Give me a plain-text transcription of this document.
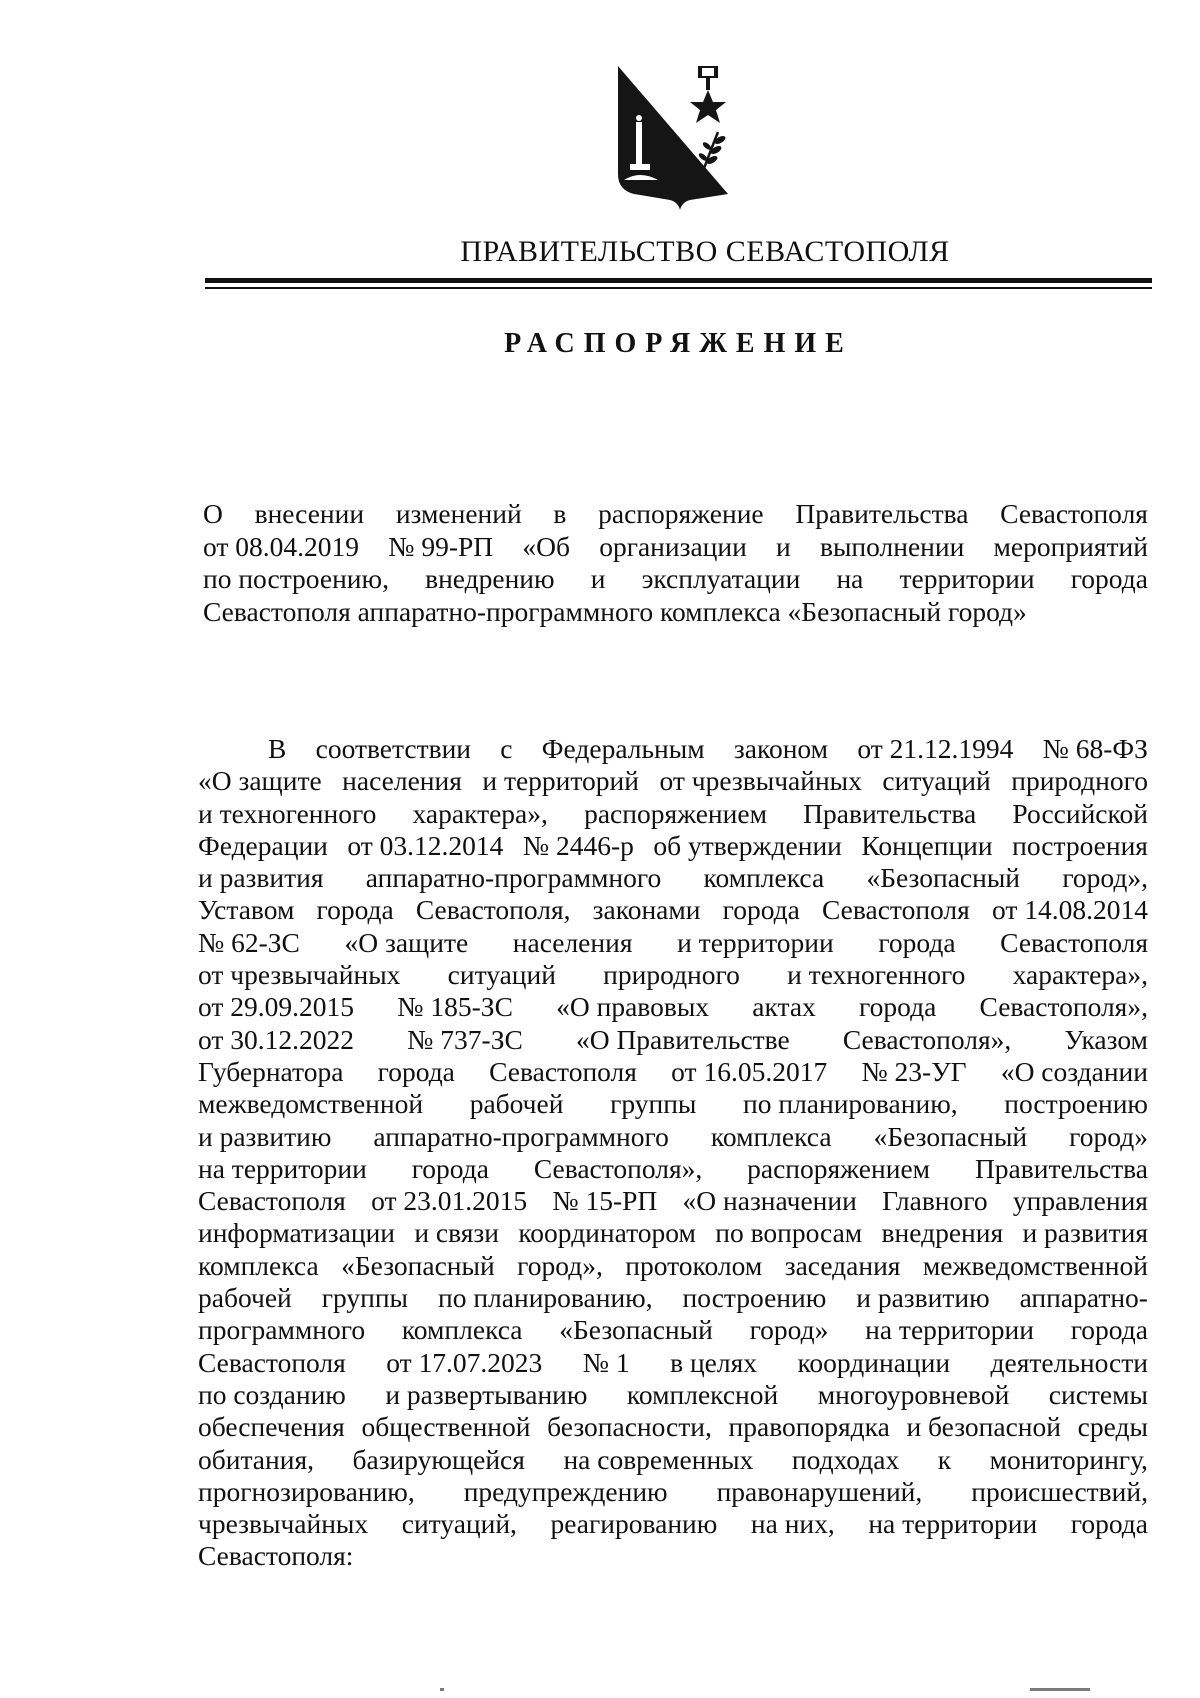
ПРАВИТЕЛЬСТВО СЕВАСТОПОЛЯ
РАСПОРЯЖЕНИЕ
О внесении изменений в распоряжение Правительства Севастополя
от 08.04.2019 № 99-РП «Об организации и выполнении мероприятий
по построению, внедрению и эксплуатации на территории города
Севастополя аппаратно-программного комплекса «Безопасный город»
В соответствии с Федеральным законом от 21.12.1994 № 68-ФЗ
«О защите населения и территорий от чрезвычайных ситуаций природного
и техногенного характера», распоряжением Правительства Российской
Федерации от 03.12.2014 № 2446-р об утверждении Концепции построения
и развития аппаратно-программного комплекса «Безопасный город»,
Уставом города Севастополя, законами города Севастополя от 14.08.2014
№ 62-ЗС «О защите населения и территории города Севастополя
от чрезвычайных ситуаций природного и техногенного характера»,
от 29.09.2015 № 185-ЗС «О правовых актах города Севастополя»,
от 30.12.2022 № 737-ЗС «О Правительстве Севастополя», Указом
Губернатора города Севастополя от 16.05.2017 № 23-УГ «О создании
межведомственной рабочей группы по планированию, построению
и развитию аппаратно-программного комплекса «Безопасный город»
на территории города Севастополя», распоряжением Правительства
Севастополя от 23.01.2015 № 15-РП «О назначении Главного управления
информатизации и связи координатором по вопросам внедрения и развития
комплекса «Безопасный город», протоколом заседания межведомственной
рабочей группы по планированию, построению и развитию аппаратно-
программного комплекса «Безопасный город» на территории города
Севастополя от 17.07.2023 № 1 в целях координации деятельности
по созданию и развертыванию комплексной многоуровневой системы
обеспечения общественной безопасности, правопорядка и безопасной среды
обитания, базирующейся на современных подходах к мониторингу,
прогнозированию, предупреждению правонарушений, происшествий,
чрезвычайных ситуаций, реагированию на них, на территории города
Севастополя:
